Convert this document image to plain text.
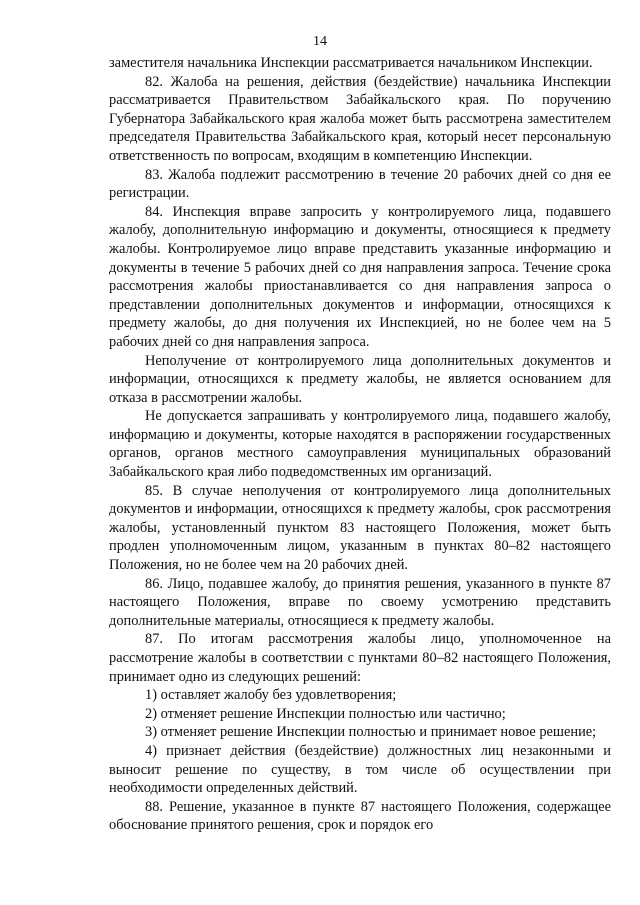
14

заместителя начальника Инспекции рассматривается начальником Инспекции.

82. Жалоба на решения, действия (бездействие) начальника Инспекции рассматривается Правительством Забайкальского края. По поручению Губернатора Забайкальского края жалоба может быть рассмотрена заместителем председателя Правительства Забайкальского края, который несет персональную ответственность по вопросам, входящим в компетенцию Инспекции.

83. Жалоба подлежит рассмотрению в течение 20 рабочих дней со дня ее регистрации.

84. Инспекция вправе запросить у контролируемого лица, подавшего жалобу, дополнительную информацию и документы, относящиеся к предмету жалобы. Контролируемое лицо вправе представить указанные информацию и документы в течение 5 рабочих дней со дня направления запроса. Течение срока рассмотрения жалобы приостанавливается со дня направления запроса о представлении дополнительных документов и информации, относящихся к предмету жалобы, до дня получения их Инспекцией, но не более чем на 5 рабочих дней со дня направления запроса.

Неполучение от контролируемого лица дополнительных документов и информации, относящихся к предмету жалобы, не является основанием для отказа в рассмотрении жалобы.

Не допускается запрашивать у контролируемого лица, подавшего жалобу, информацию и документы, которые находятся в распоряжении государственных органов, органов местного самоуправления муниципальных образований Забайкальского края либо подведомственных им организаций.

85. В случае неполучения от контролируемого лица дополнительных документов и информации, относящихся к предмету жалобы, срок рассмотрения жалобы, установленный пунктом 83 настоящего Положения, может быть продлен уполномоченным лицом, указанным в пунктах 80–82 настоящего Положения, но не более чем на 20 рабочих дней.

86. Лицо, подавшее жалобу, до принятия решения, указанного в пункте 87 настоящего Положения, вправе по своему усмотрению представить дополнительные материалы, относящиеся к предмету жалобы.

87. По итогам рассмотрения жалобы лицо, уполномоченное на рассмотрение жалобы в соответствии с пунктами 80–82 настоящего Положения, принимает одно из следующих решений:

1) оставляет жалобу без удовлетворения;

2) отменяет решение Инспекции полностью или частично;

3) отменяет решение Инспекции полностью и принимает новое решение;

4) признает действия (бездействие) должностных лиц незаконными и выносит решение по существу, в том числе об осуществлении при необходимости определенных действий.

88. Решение, указанное в пункте 87 настоящего Положения, содержащее обоснование принятого решения, срок и порядок его
